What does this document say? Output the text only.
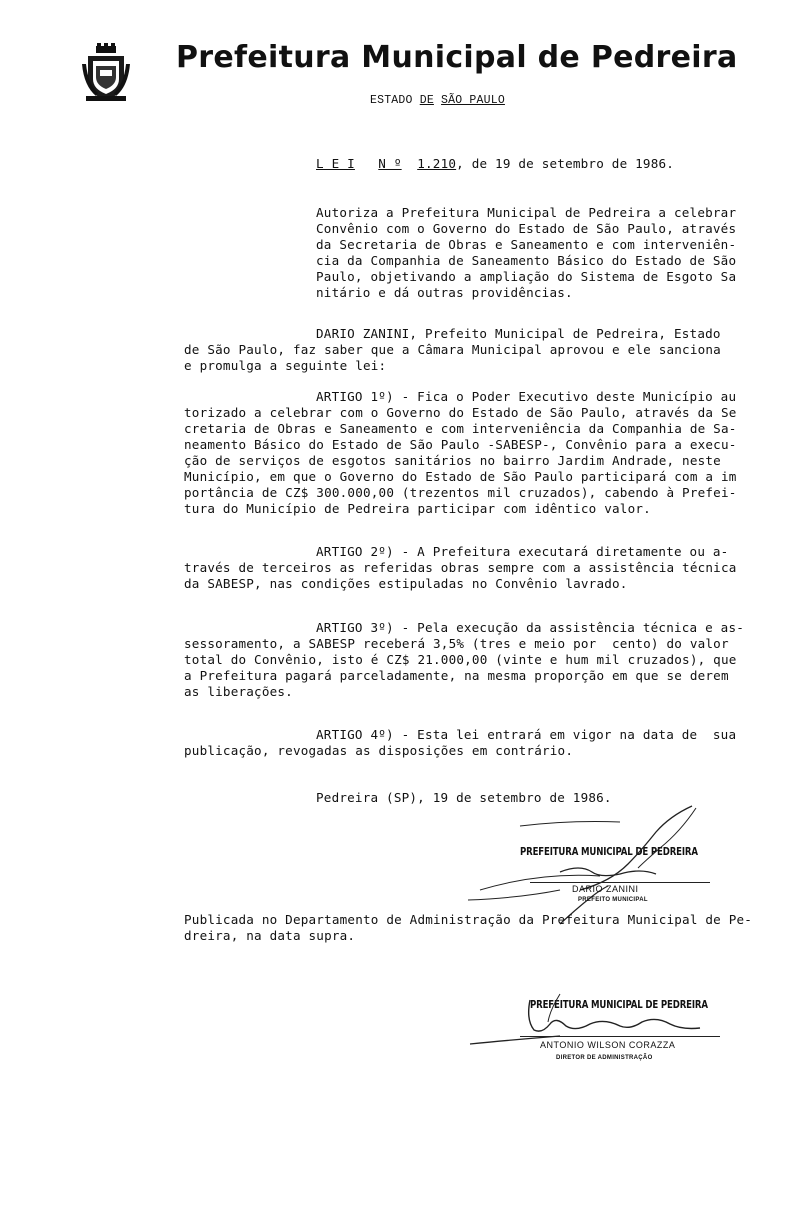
Prefeitura Municipal de Pedreira
ESTADO DE SÃO PAULO
L E I N º 1.210, de 19 de setembro de 1986.
Autoriza a Prefeitura Municipal de Pedreira a celebrar
Convênio com o Governo do Estado de São Paulo, através
da Secretaria de Obras e Saneamento e com interveniên-
cia da Companhia de Saneamento Básico do Estado de São
Paulo, objetivando a ampliação do Sistema de Esgoto Sa
nitário e dá outras providências.
DARIO ZANINI, Prefeito Municipal de Pedreira, Estado
de São Paulo, faz saber que a Câmara Municipal aprovou e ele sanciona
e promulga a seguinte lei:
ARTIGO 1º) - Fica o Poder Executivo deste Município au
torizado a celebrar com o Governo do Estado de São Paulo, através da Se
cretaria de Obras e Saneamento e com interveniência da Companhia de Sa-
neamento Básico do Estado de São Paulo -SABESP-, Convênio para a execu-
ção de serviços de esgotos sanitários no bairro Jardim Andrade, neste
Município, em que o Governo do Estado de São Paulo participará com a im
portância de CZ$ 300.000,00 (trezentos mil cruzados), cabendo à Prefei-
tura do Município de Pedreira participar com idêntico valor.
ARTIGO 2º) - A Prefeitura executará diretamente ou a-
través de terceiros as referidas obras sempre com a assistência técnica
da SABESP, nas condições estipuladas no Convênio lavrado.
ARTIGO 3º) - Pela execução da assistência técnica e as-
sessoramento, a SABESP receberá 3,5% (tres e meio por  cento) do valor
total do Convênio, isto é CZ$ 21.000,00 (vinte e hum mil cruzados), que
a Prefeitura pagará parceladamente, na mesma proporção em que se derem
as liberações.
ARTIGO 4º) - Esta lei entrará em vigor na data de  sua
publicação, revogadas as disposições em contrário.
Pedreira (SP), 19 de setembro de 1986.
PREFEITURA MUNICIPAL DE PEDREIRA
DARIO ZANINI
PREFEITO MUNICIPAL
Publicada no Departamento de Administração da Prefeitura Municipal de Pe-
dreira, na data supra.
PREFEITURA MUNICIPAL DE PEDREIRA
ANTONIO WILSON CORAZZA
DIRETOR DE ADMINISTRAÇÃO
